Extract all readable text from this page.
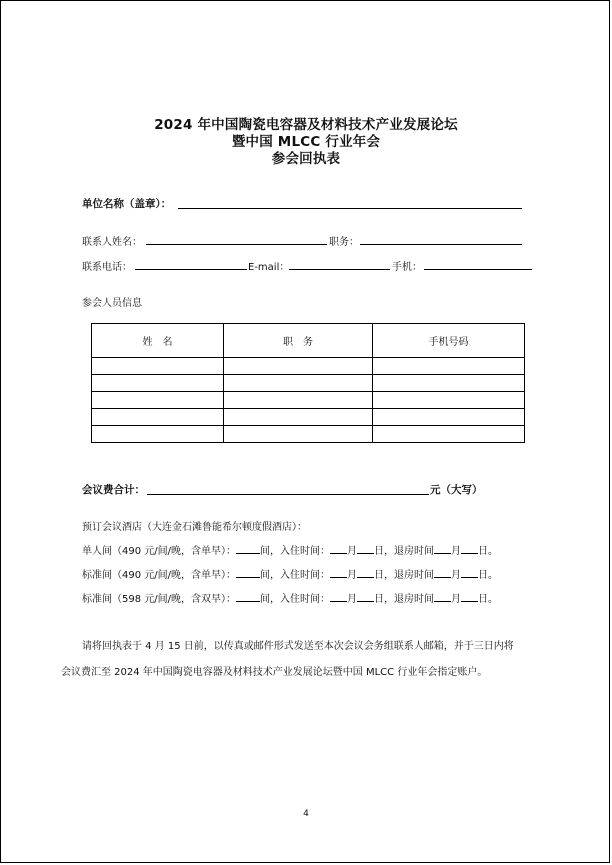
2024 年中国陶瓷电容器及材料技术产业发展论坛
暨中国 MLCC 行业年会
参会回执表
单位名称（盖章）：
联系人姓名：	职务：
联系电话：	E-mail：	手机：
参会人员信息
姓　名	职　务	手机号码

会议费合计：	元（大写）
预订会议酒店（大连金石滩鲁能希尔顿度假酒店）：
单人间（490 元/间/晚，含单早）： 间，入住时间： 月 日，退房时间 月 日。
标准间（490 元/间/晚，含单早）： 间，入住时间： 月 日，退房时间 月 日。
标准间（598 元/间/晚，含双早）： 间，入住时间： 月 日，退房时间 月 日。
请将回执表于 4 月 15 日前，以传真或邮件形式发送至本次会议会务组联系人邮箱，并于三日内将
会议费汇至 2024 年中国陶瓷电容器及材料技术产业发展论坛暨中国 MLCC 行业年会指定账户。
4
